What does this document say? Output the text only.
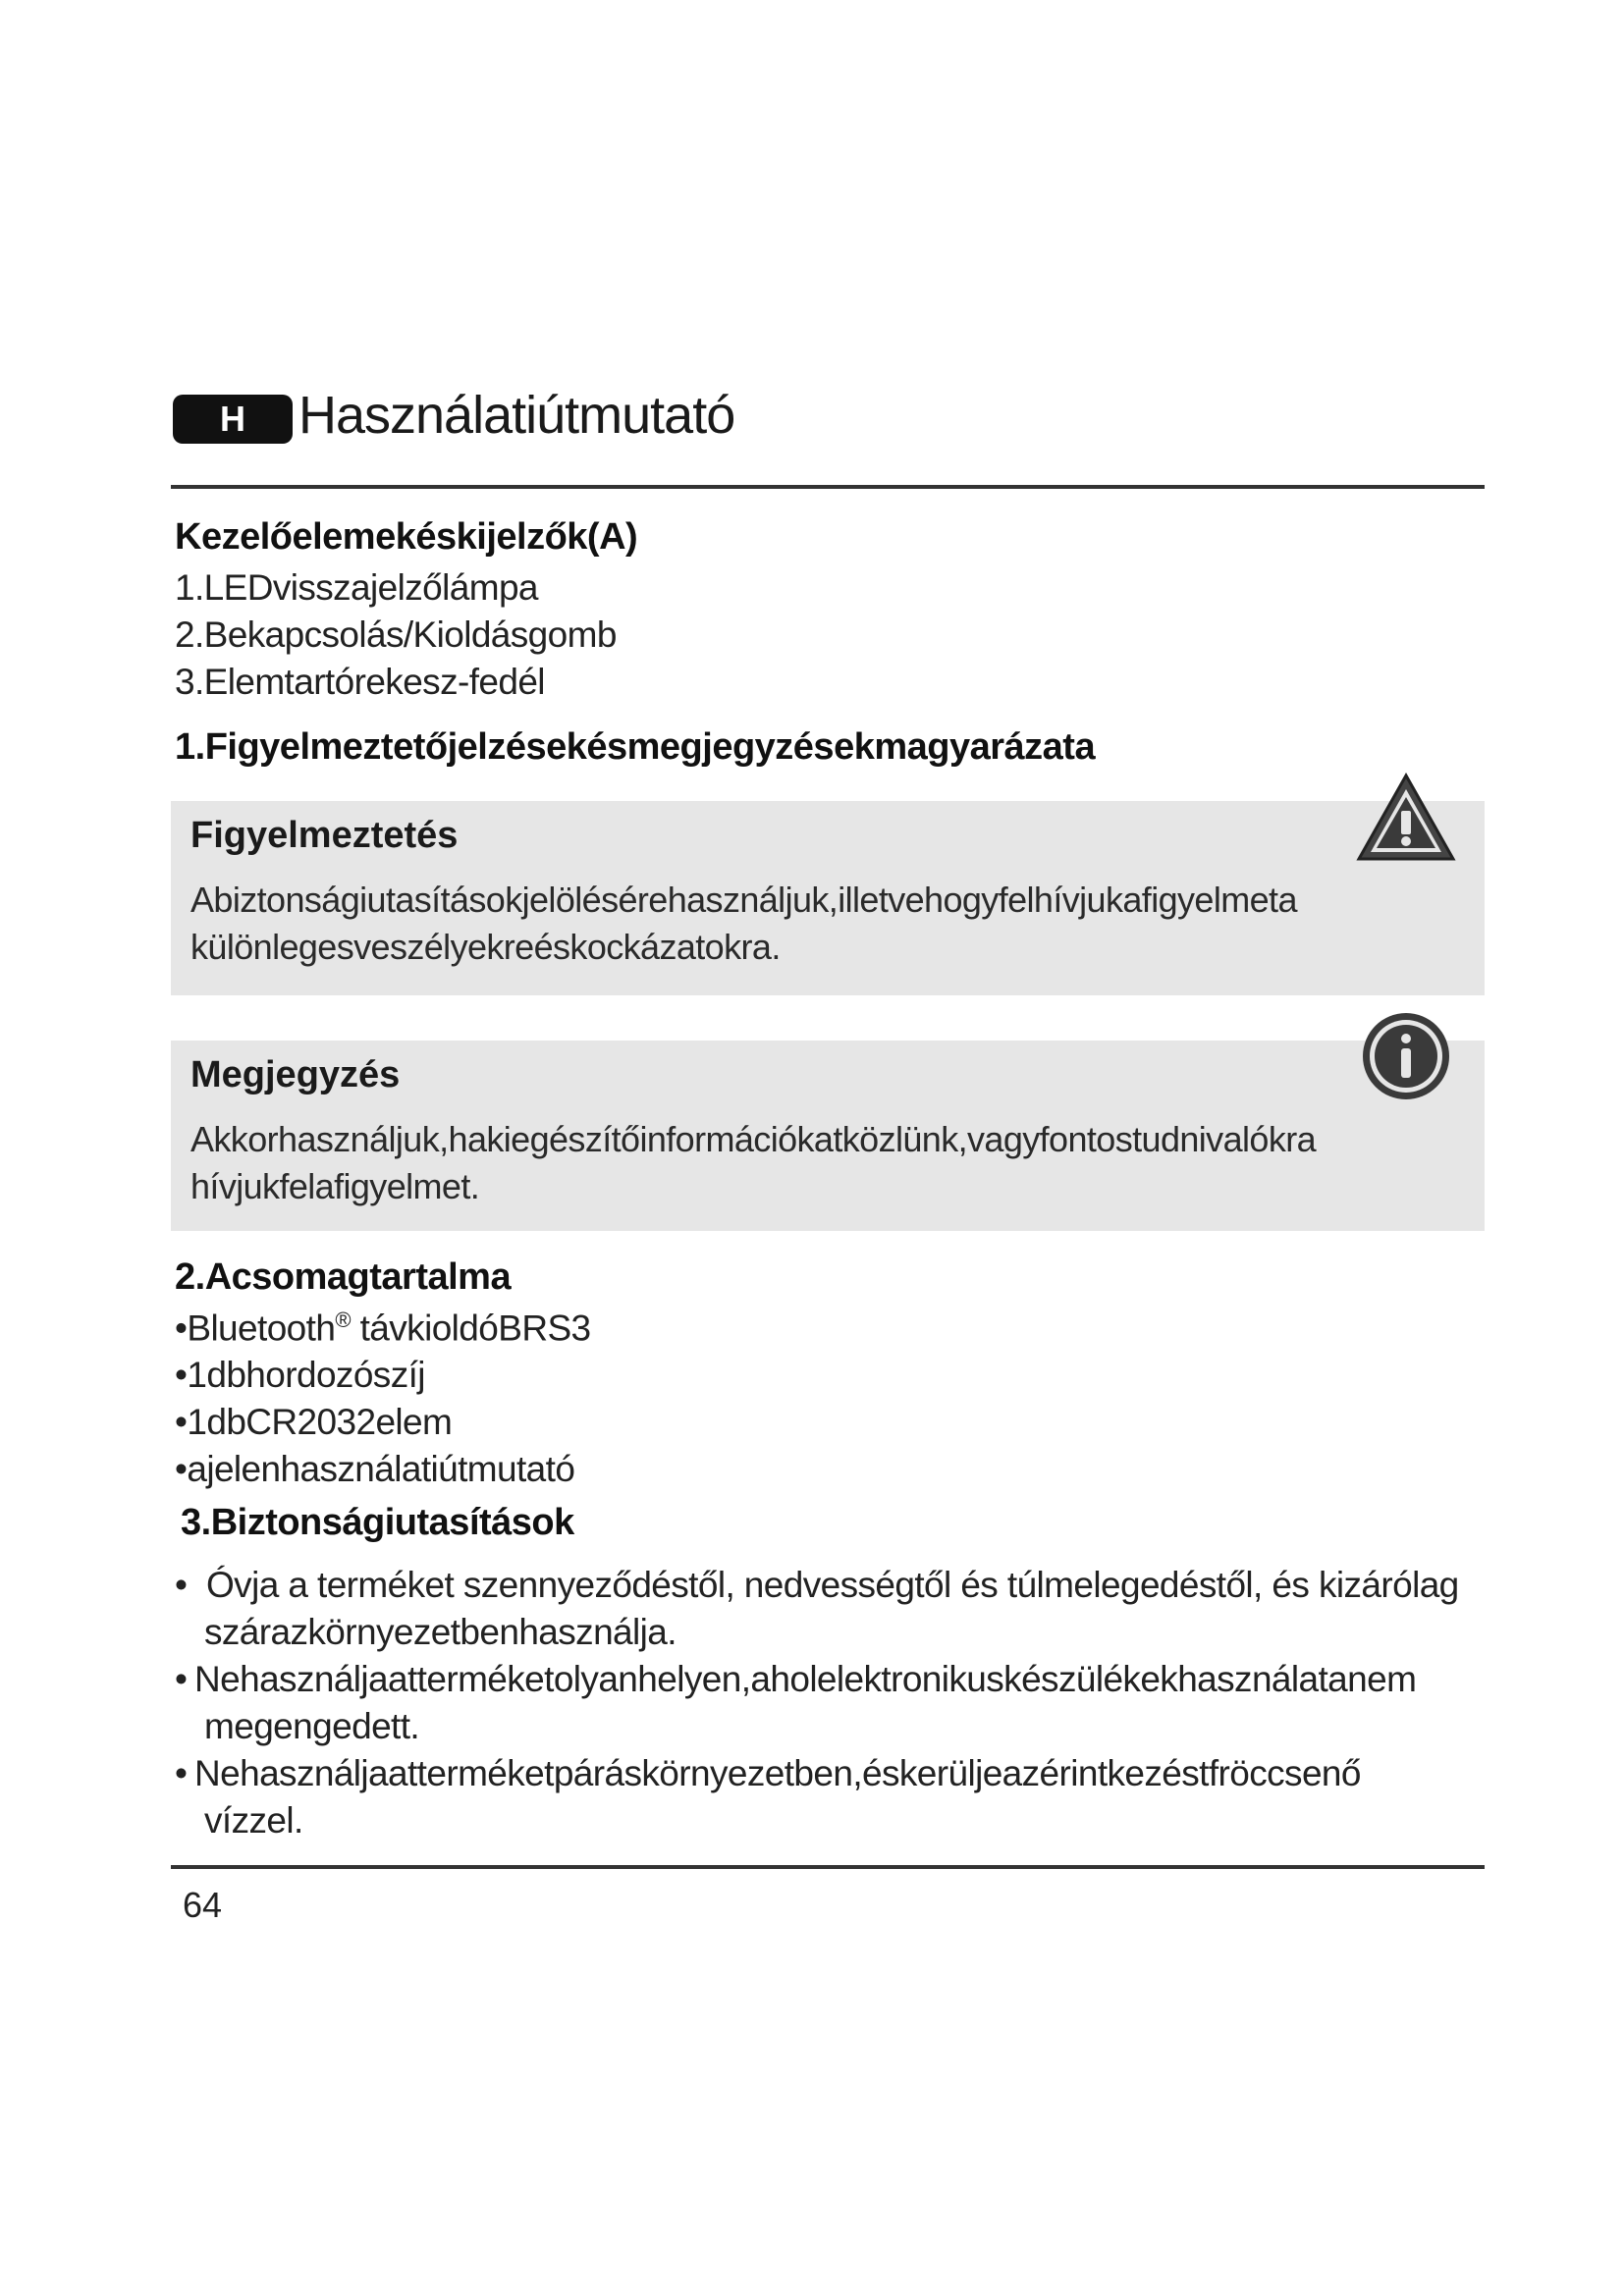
H	Használatiútmutató
Kezelőelemekéskijelzők(A)
1.LEDvisszajelzőlámpa
2.Bekapcsolás/Kioldásgomb
3.Elemtartórekesz-fedél
1.Figyelmeztetőjelzésekésmegjegyzésekmagyarázata
Figyelmeztetés
Abiztonságiutasításokjelölésérehasználjuk,illetvehogyfelhívjukafigyelmeta
különlegesveszélyekreéskockázatokra.
Megjegyzés
Akkorhasználjuk,hakiegészítőinformációkatközlünk,vagyfontostudnivalókra
hívjukfelafigyelmet.
2.Acsomagtartalma
•Bluetooth® távkioldóBRS3
•1dbhordozószíj
•1dbCR2032elem
•ajelenhasználatiútmutató
3.Biztonságiutasítások
• Óvja a terméket szennyeződéstől, nedvességtől és túlmelegedéstől, és kizárólag
szárazkörnyezetbenhasználja.
• Nehasználjaatterméketolyanhelyen,aholelektronikuskészülékekhasználatanem
megengedett.
• Nehasználjaatterméketpáráskörnyezetben,éskerüljeazérintkezéstfröccsenő
vízzel.
64
